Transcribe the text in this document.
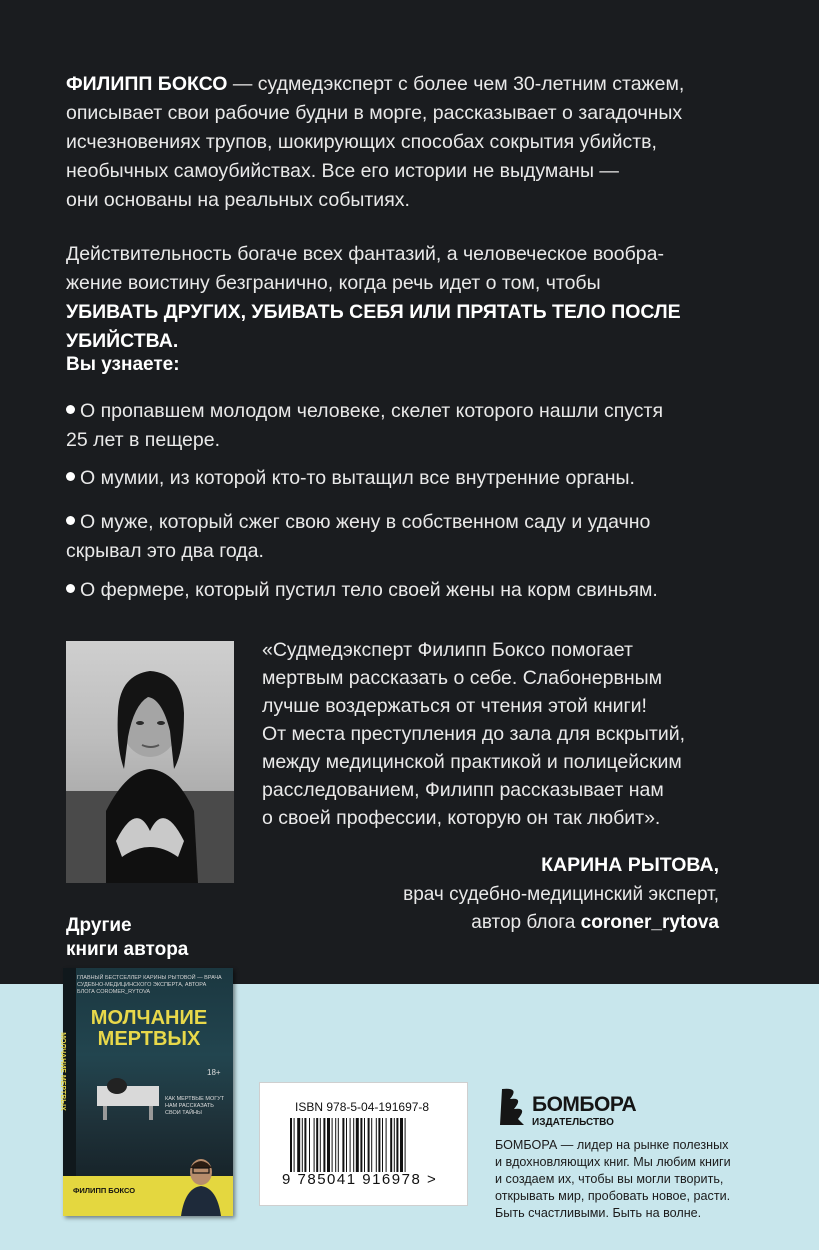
ФИЛИПП БОКСО — судмедэксперт с более чем 30-летним стажем,

описывает свои рабочие будни в морге, рассказывает о загадочных

исчезновениях трупов, шокирующих способах сокрытия убийств,

необычных самоубийствах. Все его истории не выдуманы —

они основаны на реальных событиях.

Действительность богаче всех фантазий, а человеческое вообра-

жение воистину безгранично, когда речь идет о том, чтобы

УБИВАТЬ ДРУГИХ, УБИВАТЬ СЕБЯ ИЛИ ПРЯТАТЬ ТЕЛО ПОСЛЕ УБИЙСТВА.

Вы узнаете:

О пропавшем молодом человеке, скелет которого нашли спустя

25 лет в пещере.

О мумии, из которой кто-то вытащил все внутренние органы.

О муже, который сжег свою жену в собственном саду и удачно

скрывал это два года.

О фермере, который пустил тело своей жены на корм свиньям.

«Судмедэксперт Филипп Боксо помогает
мертвым рассказать о себе. Слабонервным
лучше воздержаться от чтения этой книги!
От места преступления до зала для вскрытий,
между медицинской практикой и полицейским
расследованием, Филипп рассказывает нам
о своей профессии, которую он так любит».
КАРИНА РЫТОВА,
врач судебно-медицинский эксперт,
автор блога coroner_rytova
Другие
книги автора
МОЛЧАНИЕ МЕРТВЫХ
ГЛАВНЫЙ БЕСТСЕЛЛЕР КАРИНЫ РЫТОВОЙ — ВРАЧА СУДЕБНО-МЕДИЦИНСКОГО ЭКСПЕРТА, АВТОРА БЛОГА COROMER_RYTOVA
МОЛЧАНИЕ
МЕРТВЫХ
18+
КАК МЕРТВЫЕ МОГУТ НАМ РАССКАЗАТЬ СВОИ ТАЙНЫ
ФИЛИПП БОКСО
ISBN 978-5-04-191697-8
9 785041 916978 >
БОМБОРА
ИЗДАТЕЛЬСТВО
БОМБОРА — лидер на рынке полезных
и вдохновляющих книг. Мы любим книги
и создаем их, чтобы вы могли творить,
открывать мир, пробовать новое, расти.
Быть счастливыми. Быть на волне.
